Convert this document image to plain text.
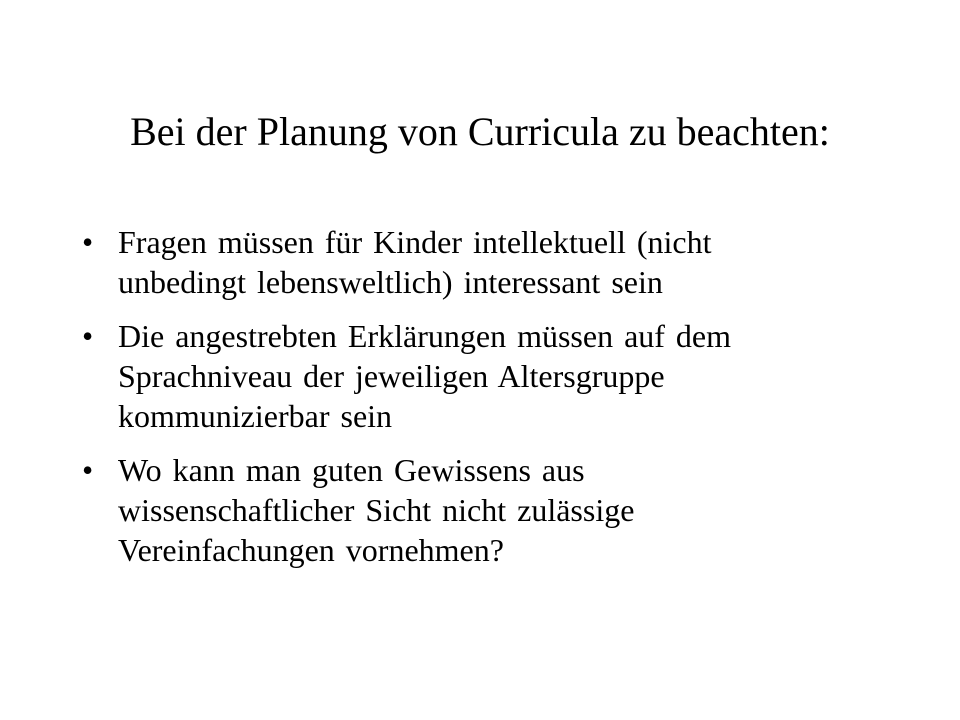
Bei der Planung von Curricula zu beachten:
• Fragen müssen für Kinder intellektuell (nicht
unbedingt lebensweltlich) interessant sein
• Die angestrebten Erklärungen müssen auf dem
Sprachniveau der jeweiligen Altersgruppe
kommunizierbar sein
• Wo kann man guten Gewissens aus
wissenschaftlicher Sicht nicht zulässige
Vereinfachungen vornehmen?
